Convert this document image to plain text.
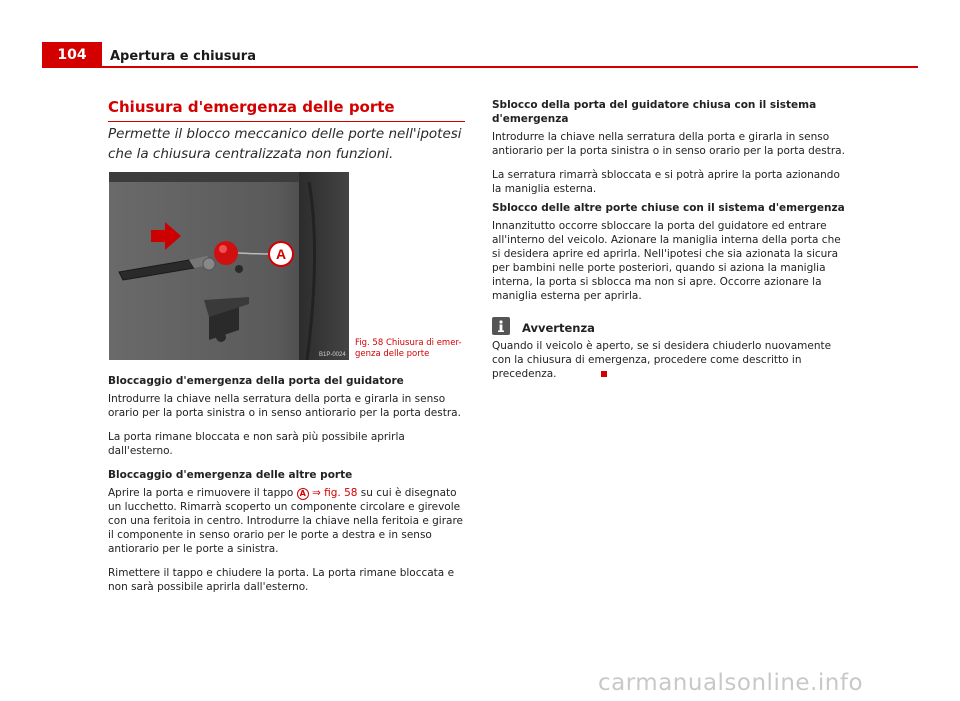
104	Apertura e chiusura
Chiusura d'emergenza delle porte

Permette il blocco meccanico delle porte nell'ipotesi che la chiusura centralizzata non funzioni.

A
B1P-0024
Fig. 58 Chiusura di emer-
genza delle porte
Bloccaggio d'emergenza della porta del guidatore

Introdurre la chiave nella serratura della porta e girarla in senso orario per la porta sinistra o in senso antiorario per la porta destra.

La porta rimane bloccata e non sarà più possibile aprirla dall'esterno.

Bloccaggio d'emergenza delle altre porte

Aprire la porta e rimuovere il tappo A ⇒ fig. 58 su cui è disegnato un lucchetto. Rimarrà scoperto un componente circolare e girevole con una feritoia in centro. Introdurre la chiave nella feritoia e girare il componente in senso orario per le porte a destra e in senso antiorario per le porte a sinistra.

Rimettere il tappo e chiudere la porta. La porta rimane bloccata e non sarà possibile aprirla dall'esterno.

Sblocco della porta del guidatore chiusa con il sistema d'emergenza

Introdurre la chiave nella serratura della porta e girarla in senso antiorario per la porta sinistra o in senso orario per la porta destra.

La serratura rimarrà sbloccata e si potrà aprire la porta azionando la maniglia esterna.

Sblocco delle altre porte chiuse con il sistema d'emergenza

Innanzitutto occorre sbloccare la porta del guidatore ed entrare all'interno del veicolo. Azionare la maniglia interna della porta che si desidera aprire ed aprirla. Nell'ipotesi che sia azionata la sicura per bambini nelle porte posteriori, quando si aziona la maniglia interna, la porta si sblocca ma non si apre. Occorre azionare la maniglia esterna per aprirla.

Avvertenza

Quando il veicolo è aperto, se si desidera chiuderlo nuovamente con la chiusura di emergenza, procedere come descritto in precedenza.

carmanualsonline.info
